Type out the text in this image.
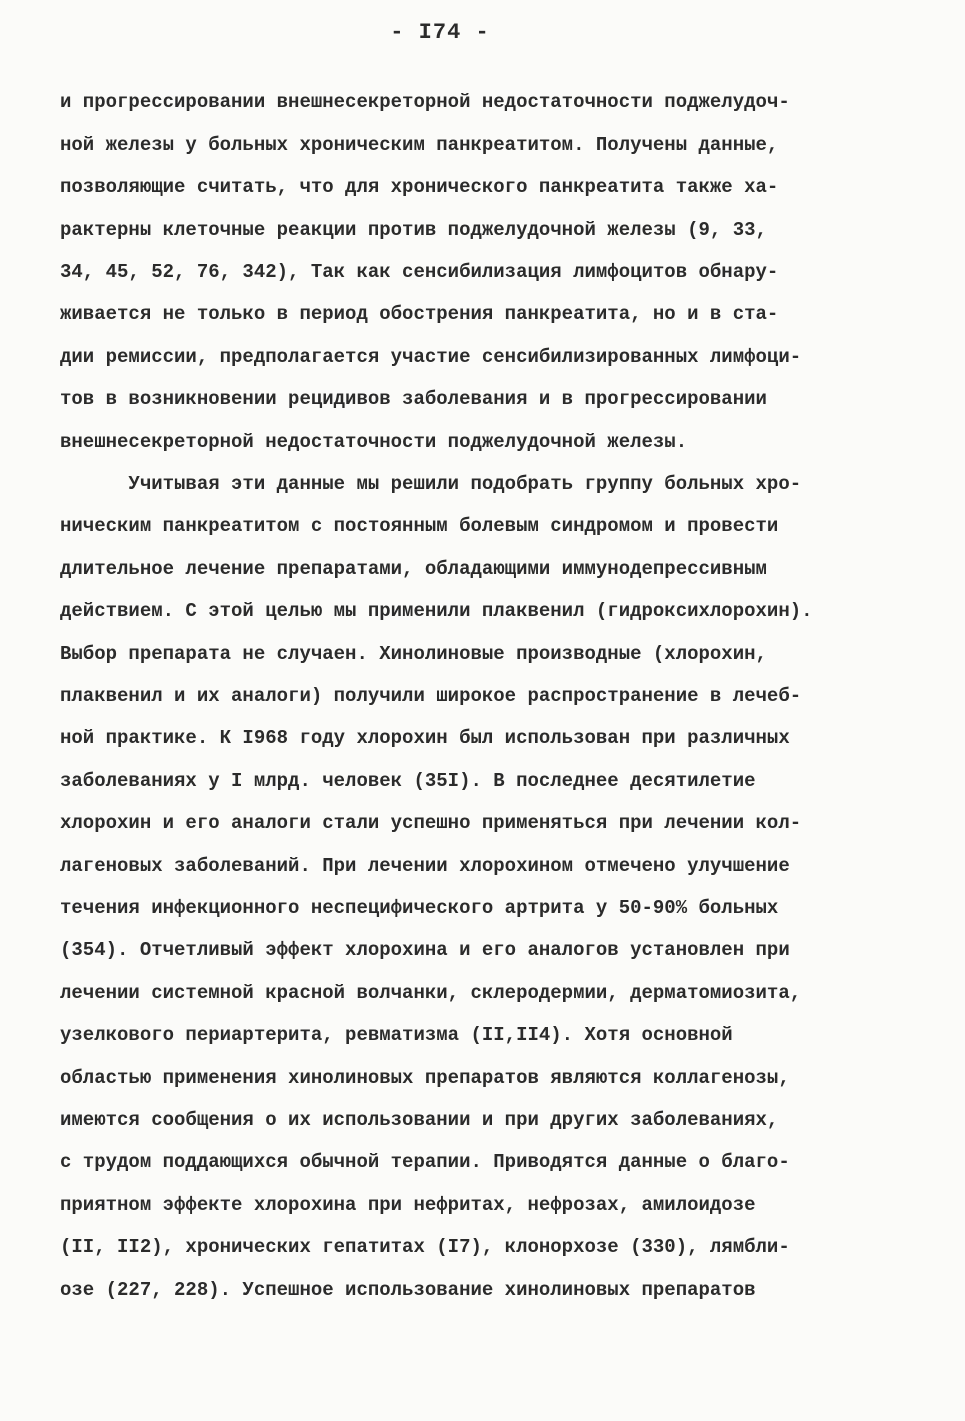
- I74 -
и прогрессировании внешнесекреторной недостаточности поджелудоч-
ной железы у больных хроническим панкреатитом. Получены данные,
позволяющие считать, что для хронического панкреатита также ха-
рактерны клеточные реакции против поджелудочной железы (9, 33,
34, 45, 52, 76, 342), Так как сенсибилизация лимфоцитов обнару-
живается не только в период обострения панкреатита, но и в ста-
дии ремиссии, предполагается участие сенсибилизированных лимфоци-
тов в возникновении рецидивов заболевания и в прогрессировании
внешнесекреторной недостаточности поджелудочной железы.
Учитывая эти данные мы решили подобрать группу больных хро-
ническим панкреатитом с постоянным болевым синдромом и провести
длительное лечение препаратами, обладающими иммунодепрессивным
действием. С этой целью мы применили плаквенил (гидроксихлорохин).
Выбор препарата не случаен. Хинолиновые производные (хлорохин,
плаквенил и их аналоги) получили широкое распространение в лечеб-
ной практике. К I968 году хлорохин был использован при различных
заболеваниях у I млрд. человек (35I). В последнее десятилетие
хлорохин и его аналоги стали успешно применяться при лечении кол-
лагеновых заболеваний. При лечении хлорохином отмечено улучшение
течения инфекционного неспецифического артрита у 50-90% больных
(354). Отчетливый эффект хлорохина и его аналогов установлен при
лечении системной красной волчанки, склеродермии, дерматомиозита,
узелкового периартерита, ревматизма (II,II4). Хотя основной
областью применения хинолиновых препаратов являются коллагенозы,
имеются сообщения о их использовании и при других заболеваниях,
с трудом поддающихся обычной терапии. Приводятся данные о благо-
приятном эффекте хлорохина при нефритах, нефрозах, амилоидозе
(II, II2), хронических гепатитах (I7), клонорхозе (330), лямбли-
озе (227, 228). Успешное использование хинолиновых препаратов
